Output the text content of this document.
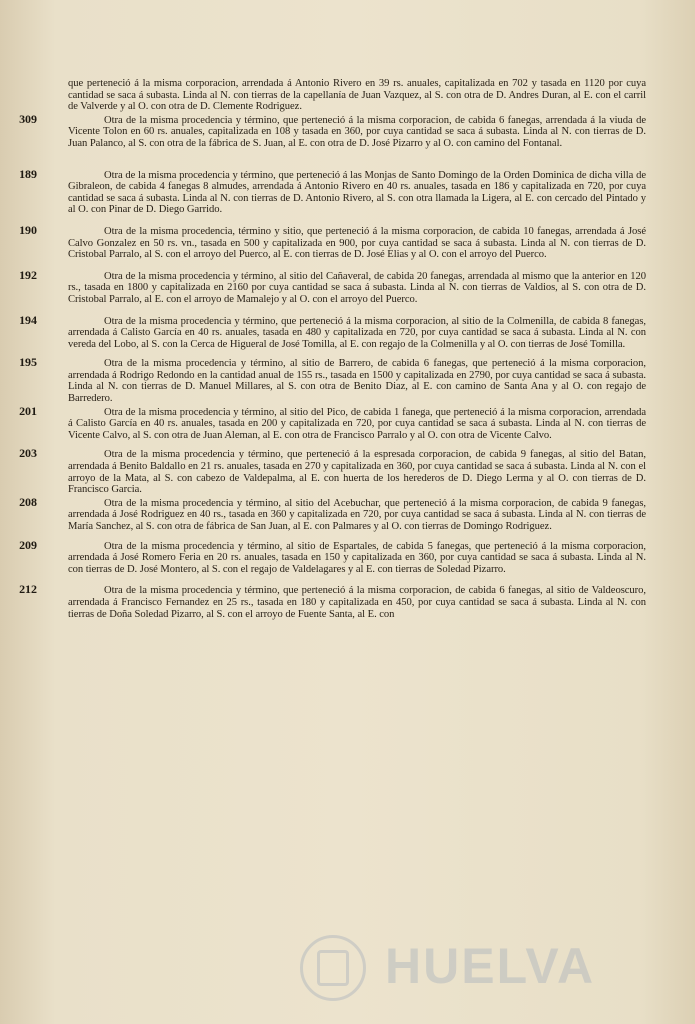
que perteneció á la misma corporacion, arrendada á Antonio Rivero en 39 rs. anuales, capitalizada en 702 y tasada en 1120 por cuya cantidad se saca á subasta. Linda al N. con tierras de la capellanía de Juan Vazquez, al S. con otra de D. Andres Duran, al E. con el carril de Valverde y al O. con otra de D. Clemente Rodriguez.
309	Otra de la misma procedencia y término, que perteneció á la misma corporacion, de cabida 6 fanegas, arrendada á la viuda de Vicente Tolon en 60 rs. anuales, capitalizada en 108 y tasada en 360, por cuya cantidad se saca á subasta. Linda al N. con tierras de D. Juan Palanco, al S. con otra de la fábrica de S. Juan, al E. con otra de D. José Pizarro y al O. con camino del Fontanal.
189	Otra de la misma procedencia y término, que perteneció á las Monjas de Santo Domingo de la Orden Dominica de dicha villa de Gibraleon, de cabida 4 fanegas 8 almudes, arrendada á Antonio Rivero en 40 rs. anuales, tasada en 186 y capitalizada en 720, por cuya cantidad se saca á subasta. Linda al N. con tierras de D. Antonio Rivero, al S. con otra llamada la Ligera, al E. con cercado del Pintado y al O. con Pinar de D. Diego Garrido.
190	Otra de la misma procedencia, término y sitio, que perteneció á la misma corporacion, de cabida 10 fanegas, arrendada á José Calvo Gonzalez en 50 rs. vn., tasada en 500 y capitalizada en 900, por cuya cantidad se saca á subasta. Linda al N. con tierras de D. Cristobal Parralo, al S. con el arroyo del Puerco, al E. con tierras de D. José Elias y al O. con el arroyo del Puerco.
192	Otra de la misma procedencia y término, al sitio del Cañaveral, de cabida 20 fanegas, arrendada al mismo que la anterior en 120 rs., tasada en 1800 y capitalizada en 2160 por cuya cantidad se saca á subasta. Linda al N. con tierras de Valdios, al S. con otra de D. Cristobal Parralo, al E. con el arroyo de Mamalejo y al O. con el arroyo del Puerco.
194	Otra de la misma procedencia y término, que perteneció á la misma corporacion, al sitio de la Colmenilla, de cabida 8 fanegas, arrendada á Calisto García en 40 rs. anuales, tasada en 480 y capitalizada en 720, por cuya cantidad se saca á subasta. Linda al N. con vereda del Lobo, al S. con la Cerca de Higueral de José Tomilla, al E. con regajo de la Colmenilla y al O. con tierras de José Tomilla.
195	Otra de la misma procedencia y término, al sitio de Barrero, de cabida 6 fanegas, que perteneció á la misma corporacion, arrendada á Rodrigo Redondo en la cantidad anual de 155 rs., tasada en 1500 y capitalizada en 2790, por cuya cantidad se saca á subasta. Linda al N. con tierras de D. Manuel Millares, al S. con otra de Benito Diaz, al E. con camino de Santa Ana y al O. con regajo de Barredero.
201	Otra de la misma procedencia y término, al sitio del Pico, de cabida 1 fanega, que perteneció á la misma corporacion, arrendada á Calisto García en 40 rs. anuales, tasada en 200 y capitalizada en 720, por cuya cantidad se saca á subasta. Linda al N. con tierras de Vicente Calvo, al S. con otra de Juan Aleman, al E. con otra de Francisco Parralo y al O. con otra de Vicente Calvo.
203	Otra de la misma procedencia y término, que perteneció á la espresada corporacion, de cabida 9 fanegas, al sitio del Batan, arrendada á Benito Baldallo en 21 rs. anuales, tasada en 270 y capitalizada en 360, por cuya cantidad se saca á subasta. Linda al N. con el arroyo de la Mata, al S. con cabezo de Valdepalma, al E. con huerta de los herederos de D. Diego Lerma y al O. con tierras de D. Francisco Garcia.
208	Otra de la misma procedencia y término, al sitio del Acebuchar, que perteneció á la misma corporacion, de cabida 9 fanegas, arrendada á José Rodriguez en 40 rs., tasada en 360 y capitalizada en 720, por cuya cantidad se saca á subasta. Linda al N. con tierras de María Sanchez, al S. con otra de fábrica de San Juan, al E. con Palmares y al O. con tierras de Domingo Rodriguez.
209	Otra de la misma procedencia y término, al sitio de Espartales, de cabida 5 fanegas, que perteneció á la misma corporacion, arrendada á José Romero Feria en 20 rs. anuales, tasada en 150 y capitalizada en 360, por cuya cantidad se saca á subasta. Linda al N. con tierras de D. José Montero, al S. con el regajo de Valdelagares y al E. con tierras de Soledad Pizarro.
212	Otra de la misma procedencia y término, que perteneció á la misma corporacion, de cabida 6 fanegas, al sitio de Valdeoscuro, arrendada á Francisco Fernandez en 25 rs., tasada en 180 y capitalizada en 450, por cuya cantidad se saca á subasta. Linda al N. con tierras de Doña Soledad Pizarro, al S. con el arroyo de Fuente Santa, al E. con
HUELVA
